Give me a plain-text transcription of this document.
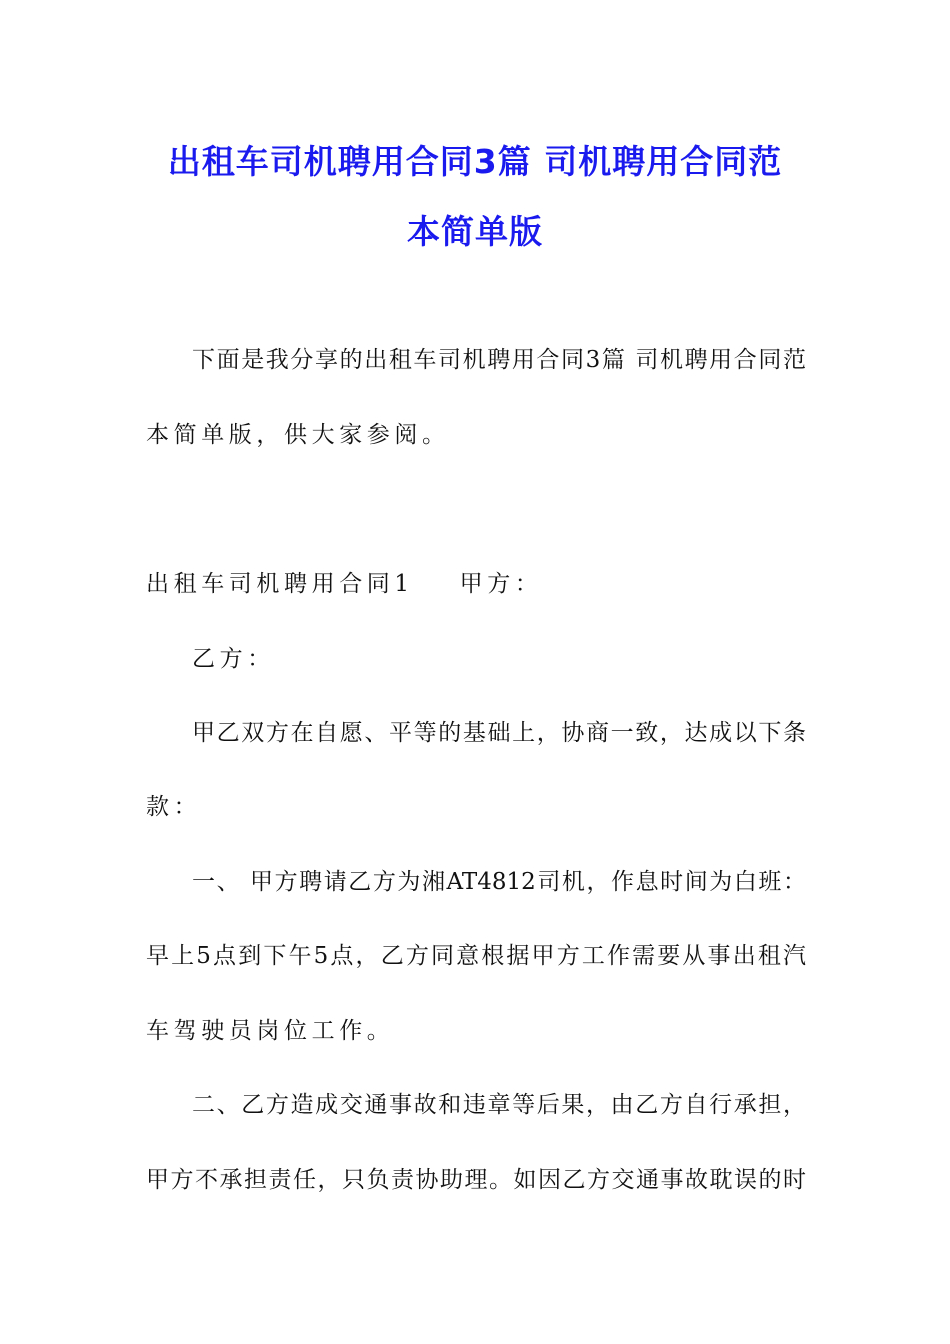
出租车司机聘用合同3篇 司机聘用合同范
本简单版
下面是我分享的出租车司机聘用合同3篇 司机聘用合同范
本简单版，供大家参阅。
出租车司机聘用合同1 甲方：
乙方：
甲乙双方在自愿、平等的基础上，协商一致，达成以下条
款：
一、 甲方聘请乙方为湘AT4812司机，作息时间为白班：
早上5点到下午5点，乙方同意根据甲方工作需要从事出租汽
车驾驶员岗位工作。
二、乙方造成交通事故和违章等后果，由乙方自行承担，
甲方不承担责任，只负责协助理。如因乙方交通事故耽误的时
